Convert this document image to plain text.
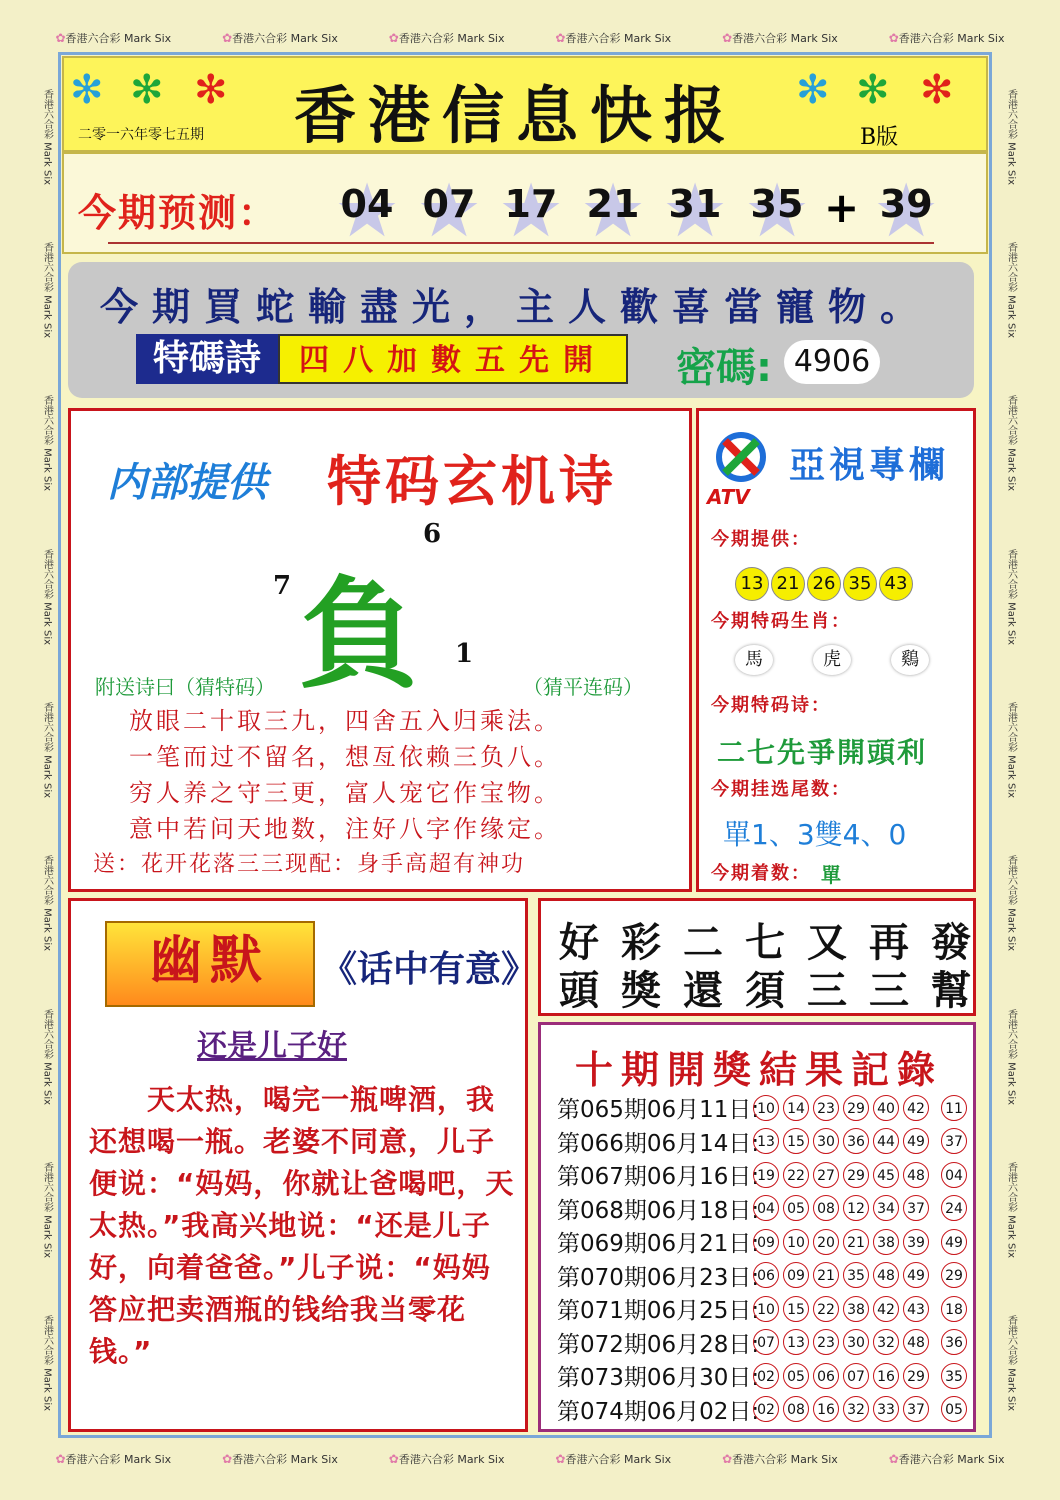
✿香港六合彩 Mark Six	✿香港六合彩 Mark Six	✿香港六合彩 Mark Six	✿香港六合彩 Mark Six	✿香港六合彩 Mark Six	✿香港六合彩 Mark Six
✿香港六合彩 Mark Six	✿香港六合彩 Mark Six	✿香港六合彩 Mark Six	✿香港六合彩 Mark Six	✿香港六合彩 Mark Six	✿香港六合彩 Mark Six
香港六合彩 Mark Six
香港六合彩 Mark Six
香港六合彩 Mark Six
香港六合彩 Mark Six
香港六合彩 Mark Six
香港六合彩 Mark Six
香港六合彩 Mark Six
香港六合彩 Mark Six
香港六合彩 Mark Six
香港六合彩 Mark Six
香港六合彩 Mark Six
香港六合彩 Mark Six
香港六合彩 Mark Six
香港六合彩 Mark Six
香港六合彩 Mark Six
香港六合彩 Mark Six
香港六合彩 Mark Six
香港六合彩 Mark Six
✻ ✻ ✻	✻ ✻ ✻
二零一六年零七五期 香港信息快报	B版
今期预测：	★ 04 ★ 07 ★ 17 ★ 21 ★ 31 ★ 35 + ★ 39
今期買蛇輸盡光，主人歡喜當寵物。
特碼詩	四八加數五先開	密碼: 4906
内部提供 特码玄机诗
負
6
7
1
附送诗曰（猜特码）	（猜平连码）
放眼二十取三九，四舍五入归乘法。
一笔而过不留名，想亙依赖三负八。
穷人养之守三更，富人宠它作宝物。
意中若问天地数，注好八字作缘定。
送：花开花落三三现配：身手高超有神功
ATV
亞視專欄
今期提供：
13 21 26 35 43
今期特码生肖：
馬	虎	鷄
今期特码诗：
二七先爭開頭利
今期挂选尾数：
單1、3雙4、0
今期着数： 單
幽默	《话中有意》
还是儿子好
　　天太热，喝完一瓶啤酒，我还想喝一瓶。老婆不同意，儿子便说：“妈妈，你就让爸喝吧，天太热。”我高兴地说：“还是儿子好，向着爸爸。”儿子说：“妈妈答应把卖酒瓶的钱给我当零花钱。”
好彩二七又再發
頭獎還須三三幫
十期開獎結果記錄
第065期06月11日:
10 14 23 29 40 42 11
第066期06月14日:
13 15 30 36 44 49 37
第067期06月16日:
19 22 27 29 45 48 04
第068期06月18日:
04 05 08 12 34 37 24
第069期06月21日:
09 10 20 21 38 39 49
第070期06月23日:
06 09 21 35 48 49 29
第071期06月25日:
10 15 22 38 42 43 18
第072期06月28日:
07 13 23 30 32 48 36
第073期06月30日:
02 05 06 07 16 29 35
第074期06月02日:
02 08 16 32 33 37 05
